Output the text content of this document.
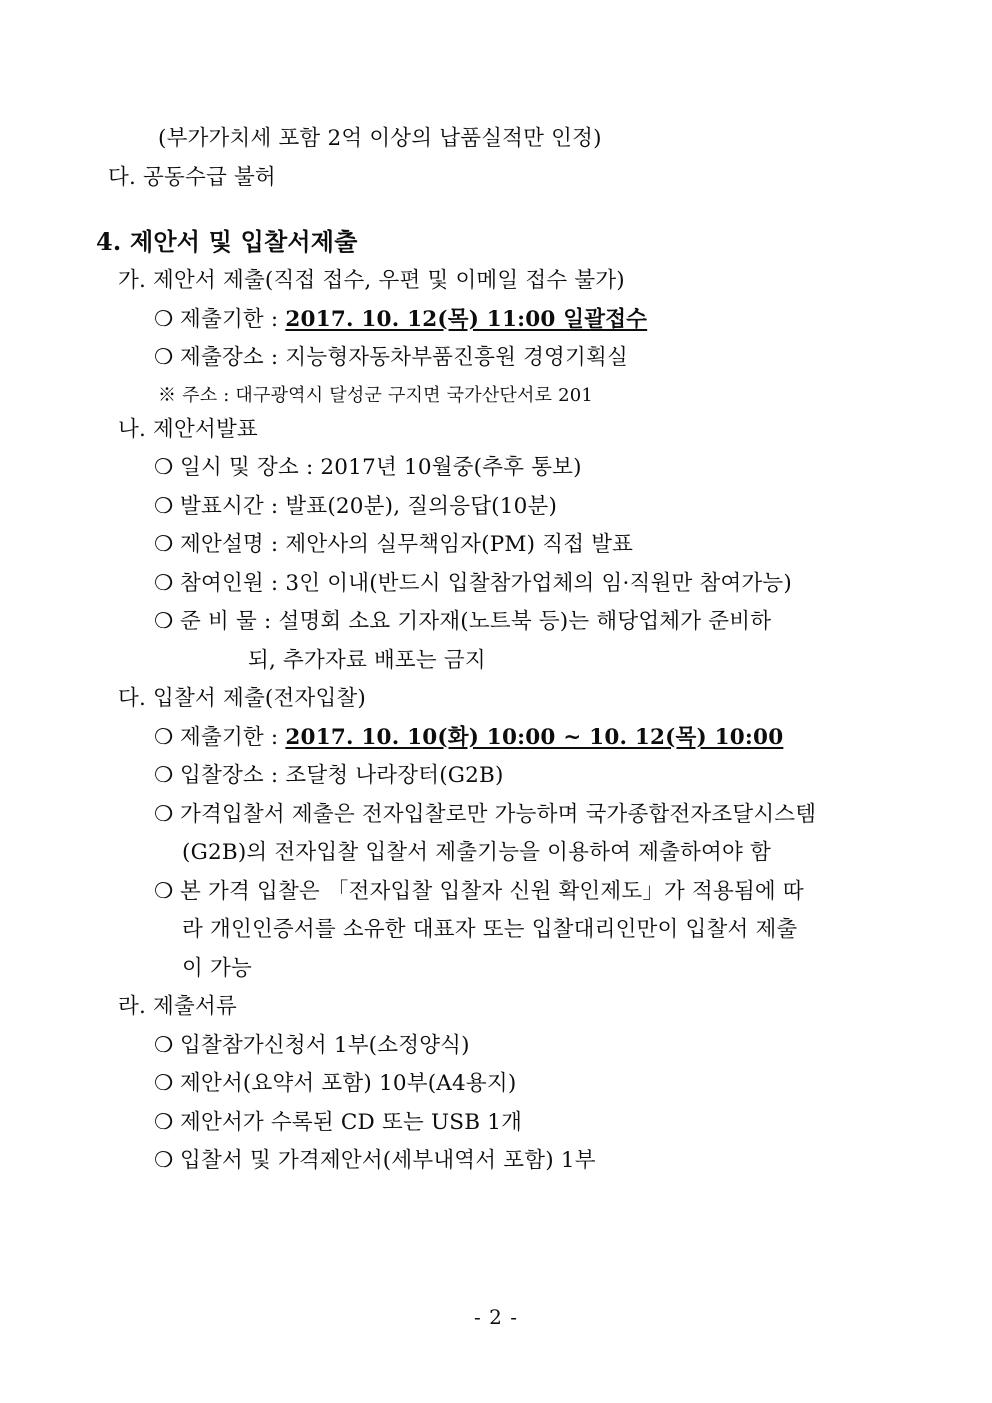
(부가가치세 포함 2억 이상의 납품실적만 인정)
다. 공동수급 불허
4. 제안서 및 입찰서제출
가. 제안서 제출(직접 접수, 우편 및 이메일 접수 불가)
❍ 제출기한 : 2017. 10. 12(목) 11:00 일괄접수
❍ 제출장소 : 지능형자동차부품진흥원 경영기획실
※ 주소 : 대구광역시 달성군 구지면 국가산단서로 201
나. 제안서발표
❍ 일시 및 장소 : 2017년 10월중(추후 통보)
❍ 발표시간 : 발표(20분), 질의응답(10분)
❍ 제안설명 : 제안사의 실무책임자(PM) 직접 발표
❍ 참여인원 : 3인 이내(반드시 입찰참가업체의 임·직원만 참여가능)
❍ 준 비 물 : 설명회 소요 기자재(노트북 등)는 해당업체가 준비하
되, 추가자료 배포는 금지
다. 입찰서 제출(전자입찰)
❍ 제출기한 : 2017. 10. 10(화) 10:00 ~ 10. 12(목) 10:00
❍ 입찰장소 : 조달청 나라장터(G2B)
❍ 가격입찰서 제출은 전자입찰로만 가능하며 국가종합전자조달시스템
(G2B)의 전자입찰 입찰서 제출기능을 이용하여 제출하여야 함
❍ 본 가격 입찰은 「전자입찰 입찰자 신원 확인제도」가 적용됨에 따
라 개인인증서를 소유한 대표자 또는 입찰대리인만이 입찰서 제출
이 가능
라. 제출서류
❍ 입찰참가신청서 1부(소정양식)
❍ 제안서(요약서 포함) 10부(A4용지)
❍ 제안서가 수록된 CD 또는 USB 1개
❍ 입찰서 및 가격제안서(세부내역서 포함) 1부
- 2 -
